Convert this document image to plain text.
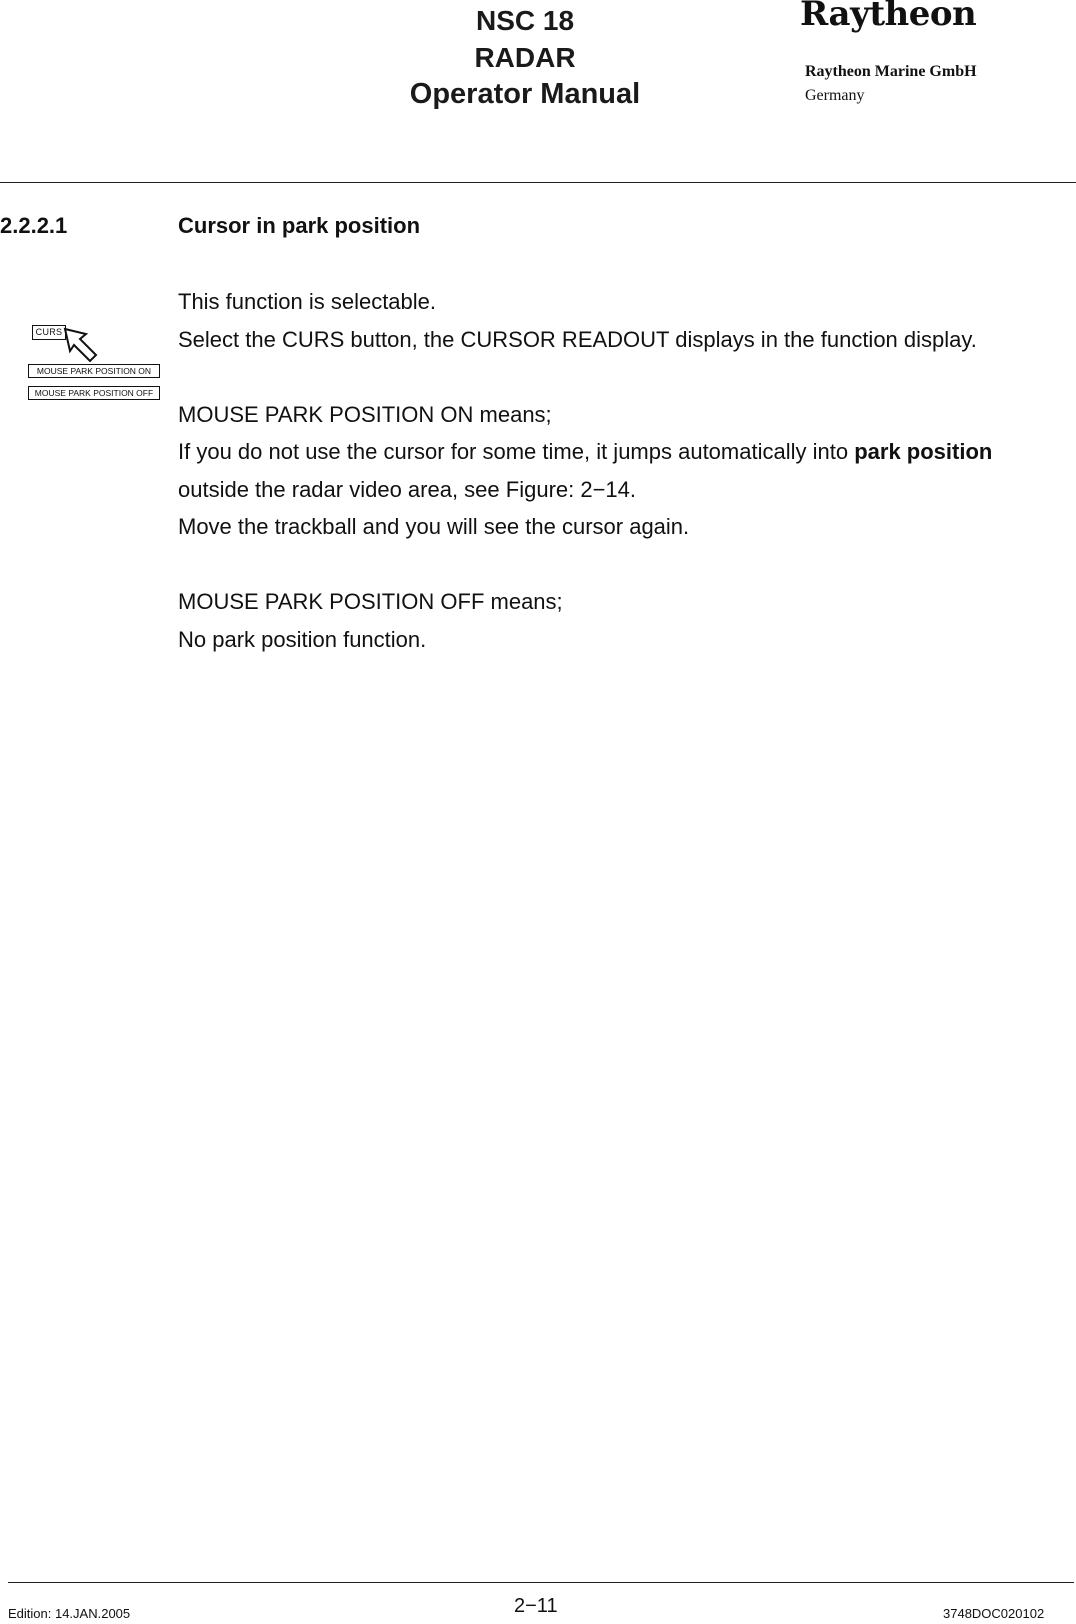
NSC 18
RADAR
Operator Manual
Raytheon
Raytheon Marine GmbH
Germany
2.2.2.1	Cursor in park position
CURS
MOUSE PARK POSITION ON
MOUSE PARK POSITION OFF

This function is selectable.

Select the CURS button, the CURSOR READOUT displays in the function display.

MOUSE PARK POSITION ON means;

If you do not use the cursor for some time, it jumps automatically into park position outside the radar video area, see Figure: 2−14.

Move the trackball and you will see the cursor again.

MOUSE PARK POSITION OFF means;

No park position function.

Edition: 14.JAN.2005	2−11	3748DOC020102
